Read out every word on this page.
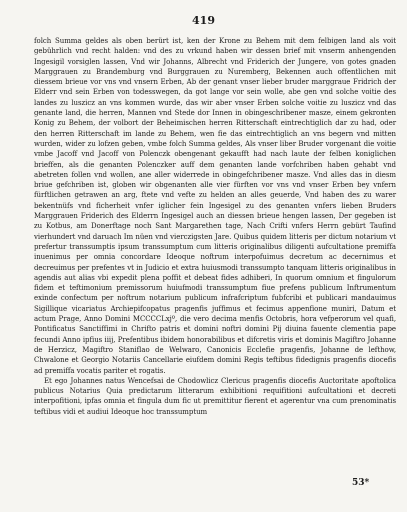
419

folch Summa geldes als oben berürt ist, ken der Krone zu Behem mit dem felbigen land als voit gebührlich vnd recht halden: vnd des zu vrkund haben wir dessen brief mit vnserm anhengenden Ingesigil vorsiglen lassen, Vnd wir Johanns, Albrecht vnd Friderich der Jungere, von gotes gnaden Marggrauen zu Brandemburg vnd Burggrauen zu Nuremberg, Bekennen auch offentlichen mit diessem brieue vor vns vnd vnsern Erben, Ab der genant vnser lieber bruder marggraue Fridrich der Elderr vnd sein Erben von todesswegen, da got lange vor sein wolle, abe gen vnd solche voitie des landes zu luszicz an vns kommen wurde, das wir aber vnser Erben solche voitie zu luszicz vnd das genante land, die herren, Mannen vnd Stede dor Innen in obingeschribener masze, einem gekronten Konig zu Behem, der volbort der Beheimischen herren Ritterschaft eintrechtiglich dar zu had, oder den herren Ritterschaft im lande zu Behem, wen fie das eintrechtiglich an vns begern vnd mitten wurden, wider zu lofzen geben, vmbe folch Summa geldes, Als vnser liber Bruder vorgenant die voitie vmbe Jacoff vnd Jacoff von Polenczk obengenant gekaufft had nach laute der felben koniglichen brieffen, als die genanten Polenczker auff dem genanten lande vorfchriben haben gehabt vnd abetreten follen vnd wollen, ane aller widerrede in obingefchribener masze. Vnd alles das in diesm briue gefchriben ist, globen wir obgenanten alle vier fürften vor vns vnd vnser Erben bey vnfern fürftlichen getrawen an arg, ftete vnd vefte zu helden an alles geuerde, Vnd haben des zu warer bekentnüfs vnd ficherheit vnfer iglicher fein Ingesigel zu des genanten vnfers lieben Bruders Marggrauen Friderich des Elderrn Ingesigel auch an diessen brieue hengen lassen, Der gegeben ist zu Kotbus, am Donerftage noch Sant Margarethen tage, Nach Crifti vnfers Herrn gebürt Taufind vierhundert vnd daruach Im nüen vnd vierczigsten Jare. Quibus quidem litteris per dictum notarium vt prefertur transsumptis ipsum transsumptum cum litteris originalibus diligenti aufcultatione premiffa inuenimus per omnia concordare Ideoque noftrum interpofuimus decretum ac decernimus et decreuimus per prefentes vt in Judicio et extra huiusmodi transsumpto tanquam litteris originalibus in agendis aut alias vbi expedit plena poffit et debeat fides adhiberi, In quorum omnium et fingulorum fidem et teftimonium premissorum huiufmodi transsumptum fiue prefens publicum Inftrumentum exinde confectum per noftrum notarium publicum infrafcriptum fubfcribi et publicari mandauimus Sigillique vicariatus Archiepifcopatus pragenfis juffimus et fecimus appenfione muniri, Datum et actum Prage, Anno Domini MCCCCLxjº, die vero decima menfis Octobris, hora vefperorum vel quafi, Pontificatus Sanctiffimi in Chrifto patris et domini noftri domini Pij diuina fauente clementia pape fecundi Anno ipfius iiij, Prefentibus ibidem honorabilibus et difcretis viris et dominis Magiftro Johanne de Herzicz, Magiftro Staniflao de Welwaro, Canonicis Ecclefie pragenfis, Johanne de lefthow, Chwalone et Georgio Notariis Cancellarie eiufdem domini Regis teftibus fidedignis pragenfis diocefis ad premiffa vocatis pariter et rogatis.

Et ego Johannes natus Wencefsai de Chodowlicz Clericus pragenfis diocefis Auctoritate apoftolica publicus Notarius Quia predictarum litterarum exhibitioni requifitioni aufcultationi et decreti interpofitioni, ipfas omnia et fingula dum fic ut premittitur fierent et agerentur vna cum prenominatis teftibus vidi et audiui Ideoque hoc transsumptum

53*
